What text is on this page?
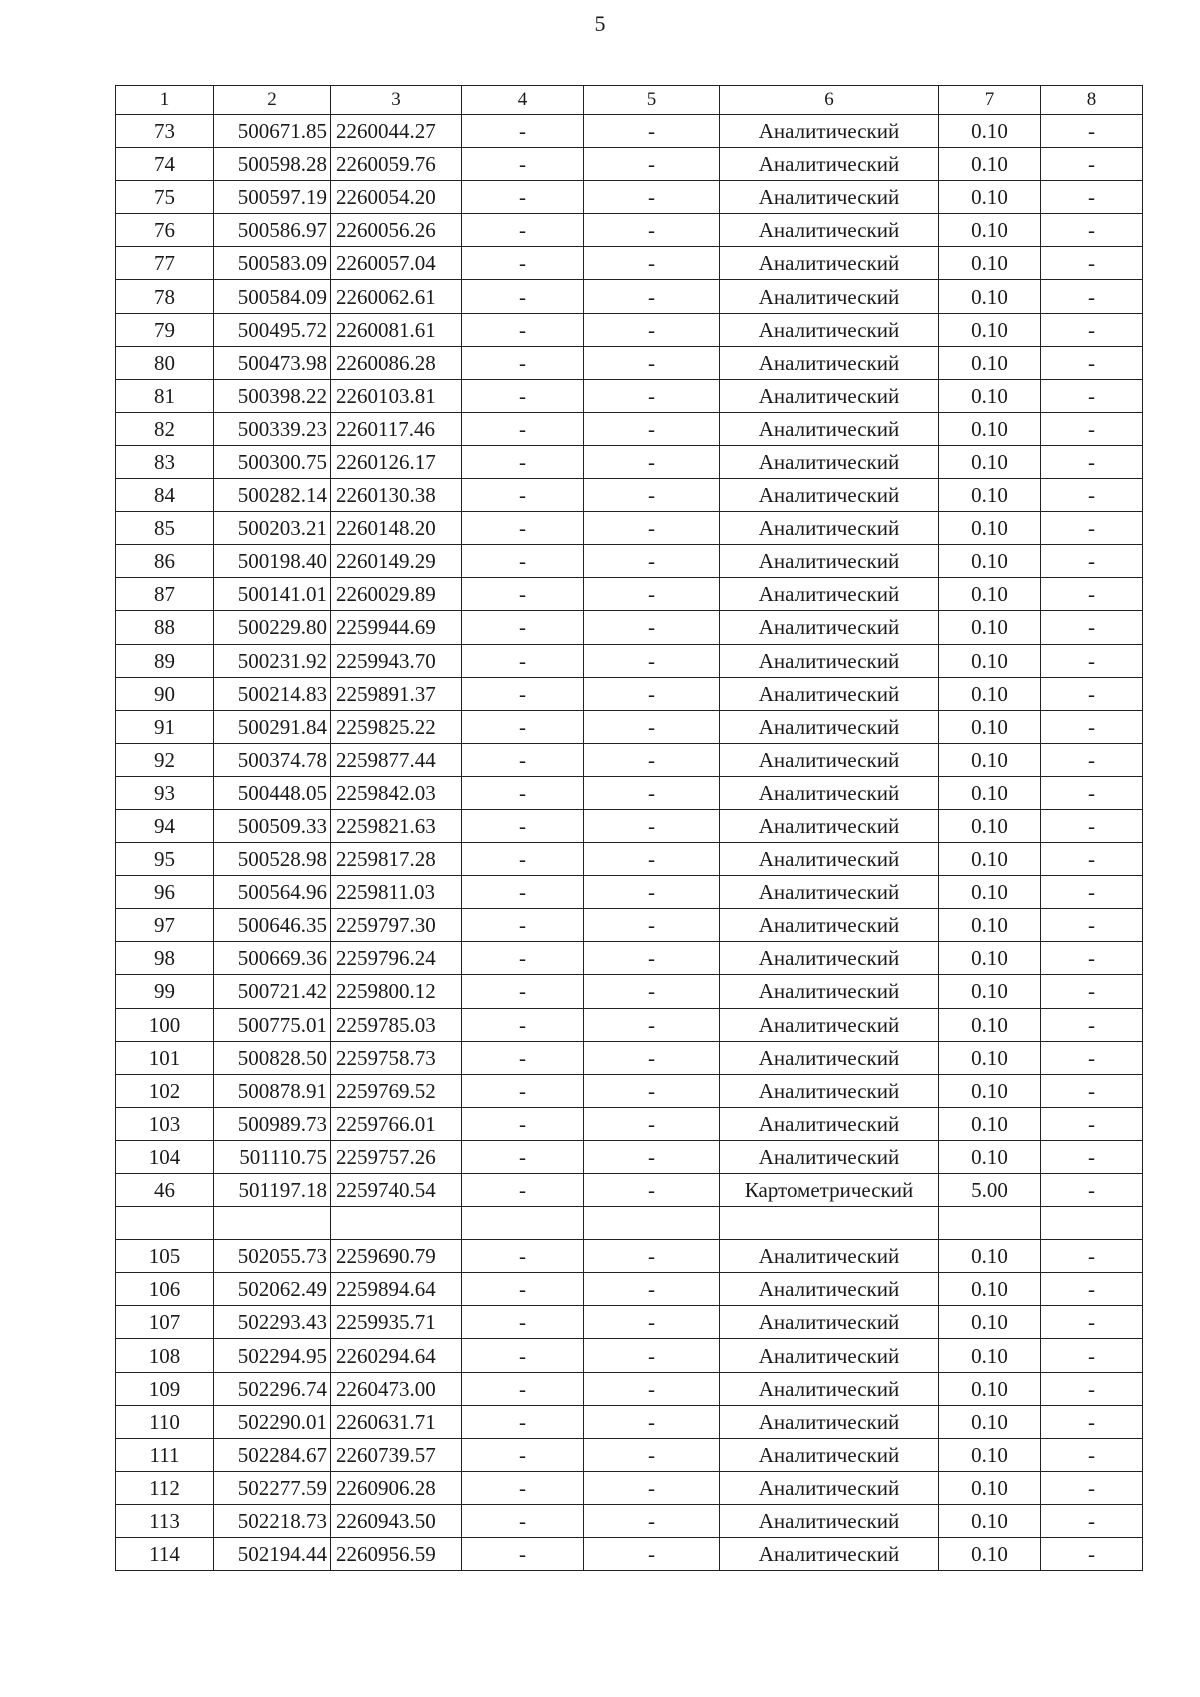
5
1	2	3	4	5	6	7	8
73	500671.85	2260044.27	-	-	Аналитический	0.10	-
74	500598.28	2260059.76	-	-	Аналитический	0.10	-
75	500597.19	2260054.20	-	-	Аналитический	0.10	-
76	500586.97	2260056.26	-	-	Аналитический	0.10	-
77	500583.09	2260057.04	-	-	Аналитический	0.10	-
78	500584.09	2260062.61	-	-	Аналитический	0.10	-
79	500495.72	2260081.61	-	-	Аналитический	0.10	-
80	500473.98	2260086.28	-	-	Аналитический	0.10	-
81	500398.22	2260103.81	-	-	Аналитический	0.10	-
82	500339.23	2260117.46	-	-	Аналитический	0.10	-
83	500300.75	2260126.17	-	-	Аналитический	0.10	-
84	500282.14	2260130.38	-	-	Аналитический	0.10	-
85	500203.21	2260148.20	-	-	Аналитический	0.10	-
86	500198.40	2260149.29	-	-	Аналитический	0.10	-
87	500141.01	2260029.89	-	-	Аналитический	0.10	-
88	500229.80	2259944.69	-	-	Аналитический	0.10	-
89	500231.92	2259943.70	-	-	Аналитический	0.10	-
90	500214.83	2259891.37	-	-	Аналитический	0.10	-
91	500291.84	2259825.22	-	-	Аналитический	0.10	-
92	500374.78	2259877.44	-	-	Аналитический	0.10	-
93	500448.05	2259842.03	-	-	Аналитический	0.10	-
94	500509.33	2259821.63	-	-	Аналитический	0.10	-
95	500528.98	2259817.28	-	-	Аналитический	0.10	-
96	500564.96	2259811.03	-	-	Аналитический	0.10	-
97	500646.35	2259797.30	-	-	Аналитический	0.10	-
98	500669.36	2259796.24	-	-	Аналитический	0.10	-
99	500721.42	2259800.12	-	-	Аналитический	0.10	-
100	500775.01	2259785.03	-	-	Аналитический	0.10	-
101	500828.50	2259758.73	-	-	Аналитический	0.10	-
102	500878.91	2259769.52	-	-	Аналитический	0.10	-
103	500989.73	2259766.01	-	-	Аналитический	0.10	-
104	501110.75	2259757.26	-	-	Аналитический	0.10	-
46	501197.18	2259740.54	-	-	Картометрический	5.00	-

105	502055.73	2259690.79	-	-	Аналитический	0.10	-
106	502062.49	2259894.64	-	-	Аналитический	0.10	-
107	502293.43	2259935.71	-	-	Аналитический	0.10	-
108	502294.95	2260294.64	-	-	Аналитический	0.10	-
109	502296.74	2260473.00	-	-	Аналитический	0.10	-
110	502290.01	2260631.71	-	-	Аналитический	0.10	-
111	502284.67	2260739.57	-	-	Аналитический	0.10	-
112	502277.59	2260906.28	-	-	Аналитический	0.10	-
113	502218.73	2260943.50	-	-	Аналитический	0.10	-
114	502194.44	2260956.59	-	-	Аналитический	0.10	-
